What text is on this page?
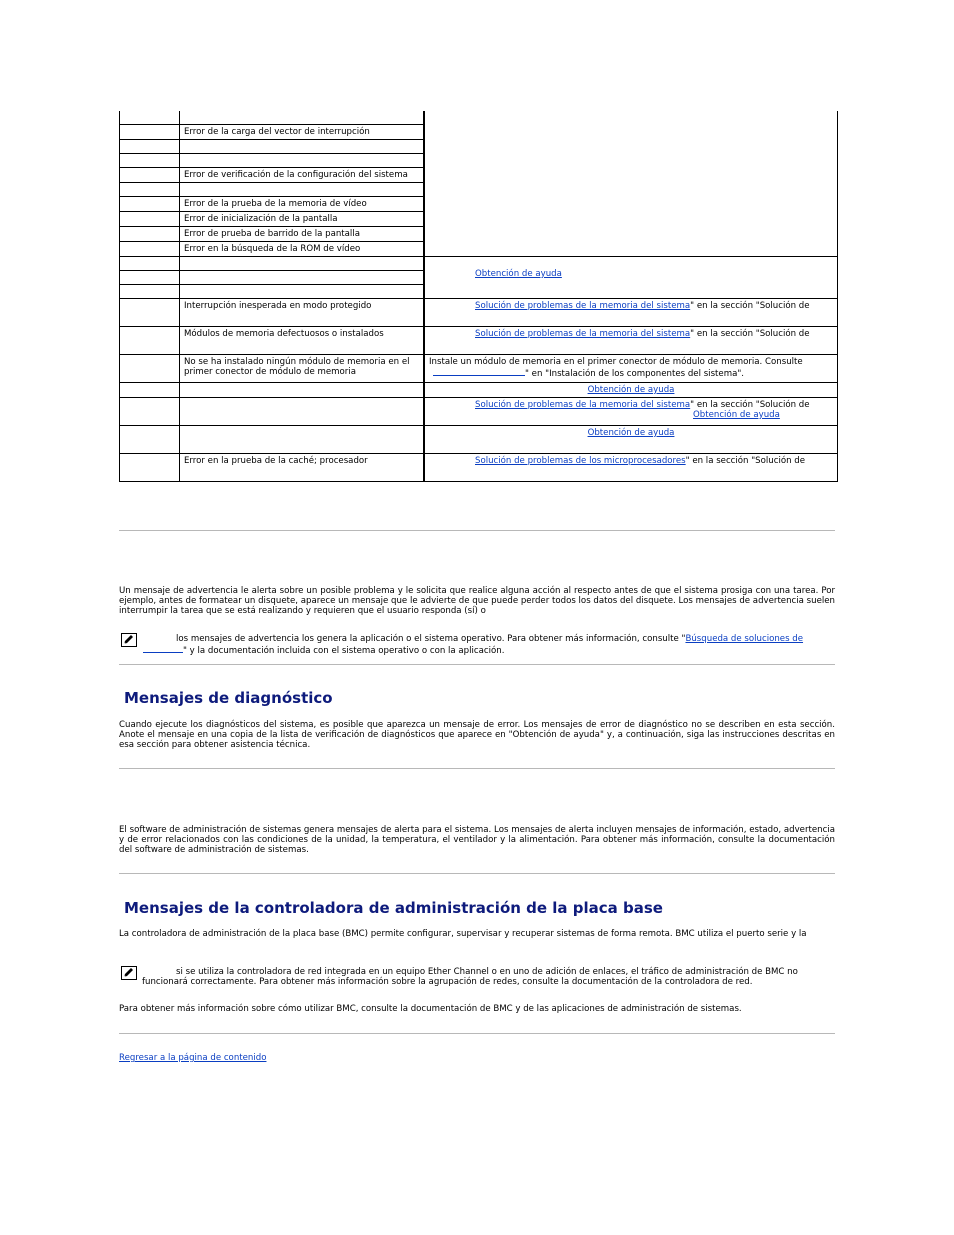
	Error de la carga del vector de interrupción	

	Error de verificación de la configuración del sistema	

	Error de la prueba de la memoria de vídeo	
	Error de inicialización de la pantalla	
	Error de prueba de barrido de la pantalla	
	Error en la búsqueda de la ROM de vídeo	

		Obtención de ayuda

	Interrupción inesperada en modo protegido	Solución de problemas de la memoria del sistema" en la sección "Solución de

	Módulos de memoria defectuosos o instalados	Solución de problemas de la memoria del sistema" en la sección "Solución de

	No se ha instalado ningún módulo de memoria en el primer conector de módulo de memoria	Instale un módulo de memoria en el primer conector de módulo de memoria. Consulte
" en "Instalación de los componentes del sistema".

		Obtención de ayuda

		Solución de problemas de la memoria del sistema" en la sección "Solución de
Obtención de ayuda

		Obtención de ayuda

	Error en la prueba de la caché; procesador	Solución de problemas de los microprocesadores" en la sección "Solución de
Un mensaje de advertencia le alerta sobre un posible problema y le solicita que realice alguna acción al respecto antes de que el sistema prosiga con una tarea. Por ejemplo, antes de formatear un disquete, aparece un mensaje que le advierte de que puede perder todos los datos del disquete. Los mensajes de advertencia suelen interrumpir la tarea que se está realizando y requieren que el usuario responda (sí) o
los mensajes de advertencia los genera la aplicación o el sistema operativo. Para obtener más información, consulte "Búsqueda de soluciones de
" y la documentación incluida con el sistema operativo o con la aplicación.
Mensajes de diagnóstico
Cuando ejecute los diagnósticos del sistema, es posible que aparezca un mensaje de error. Los mensajes de error de diagnóstico no se describen en esta sección. Anote el mensaje en una copia de la lista de verificación de diagnósticos que aparece en "Obtención de ayuda" y, a continuación, siga las instrucciones descritas en esa sección para obtener asistencia técnica.
El software de administración de sistemas genera mensajes de alerta para el sistema. Los mensajes de alerta incluyen mensajes de información, estado, advertencia y de error relacionados con las condiciones de la unidad, la temperatura, el ventilador y la alimentación. Para obtener más información, consulte la documentación del software de administración de sistemas.
Mensajes de la controladora de administración de la placa base
La controladora de administración de la placa base (BMC) permite configurar, supervisar y recuperar sistemas de forma remota. BMC utiliza el puerto serie y la
si se utiliza la controladora de red integrada en un equipo Ether Channel o en uno de adición de enlaces, el tráfico de administración de BMC no funcionará correctamente. Para obtener más información sobre la agrupación de redes, consulte la documentación de la controladora de red.
Para obtener más información sobre cómo utilizar BMC, consulte la documentación de BMC y de las aplicaciones de administración de sistemas.
Regresar a la página de contenido
